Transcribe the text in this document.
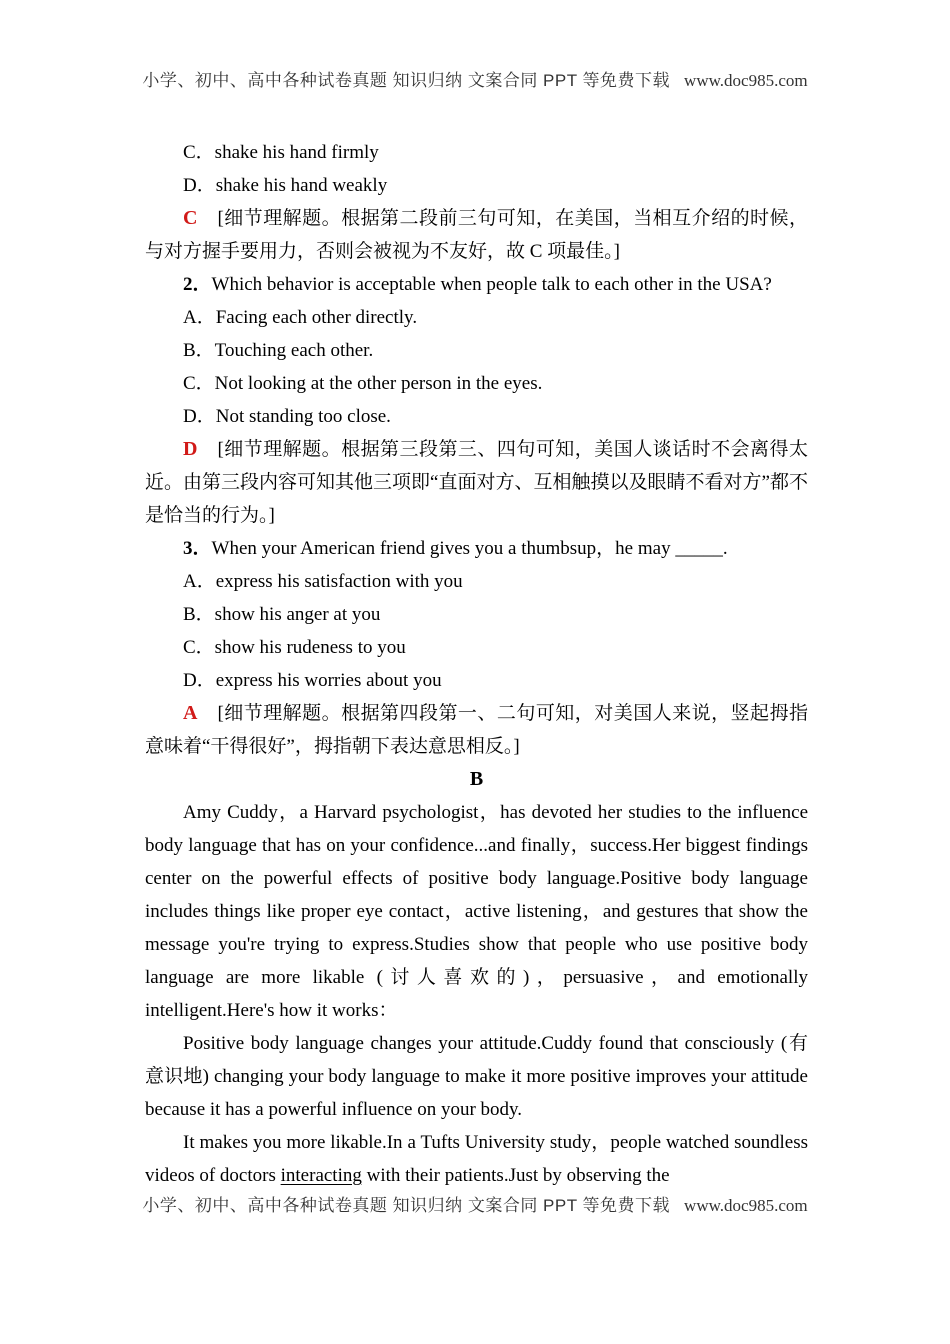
小学、初中、高中各种试卷真题 知识归纳 文案合同 PPT 等免费下载 www.doc985.com

C．shake his hand firmly

D．shake his hand weakly

C [细节理解题。根据第二段前三句可知，在美国，当相互介绍的时候，与对方握手要用力，否则会被视为不友好，故 C 项最佳。]

2．Which behavior is acceptable when people talk to each other in the USA?

A．Facing each other directly.

B．Touching each other.

C．Not looking at the other person in the eyes.

D．Not standing too close.

D [细节理解题。根据第三段第三、四句可知，美国人谈话时不会离得太近。由第三段内容可知其他三项即“直面对方、互相触摸以及眼睛不看对方”都不是恰当的行为。]

3．When your American friend gives you a thumbsup，he may _____.

A．express his satisfaction with you

B．show his anger at you

C．show his rudeness to you

D．express his worries about you

A [细节理解题。根据第四段第一、二句可知，对美国人来说，竖起拇指意味着“干得很好”，拇指朝下表达意思相反。]

B

Amy Cuddy，a Harvard psychologist，has devoted her studies to the influence body language that has on your confidence...and finally，success.Her biggest findings center on the powerful effects of positive body language.Positive body language includes things like proper eye contact，active listening，and gestures that show the message you're trying to express.Studies show that people who use positive body language are more likable (讨人喜欢的)，persuasive，and emotionally intelligent.Here's how it works：

Positive body language changes your attitude.Cuddy found that consciously (有意识地) changing your body language to make it more positive improves your attitude because it has a powerful influence on your body.

It makes you more likable.In a Tufts University study，people watched soundless videos of doctors interacting with their patients.Just by observing the

小学、初中、高中各种试卷真题 知识归纳 文案合同 PPT 等免费下载 www.doc985.com
